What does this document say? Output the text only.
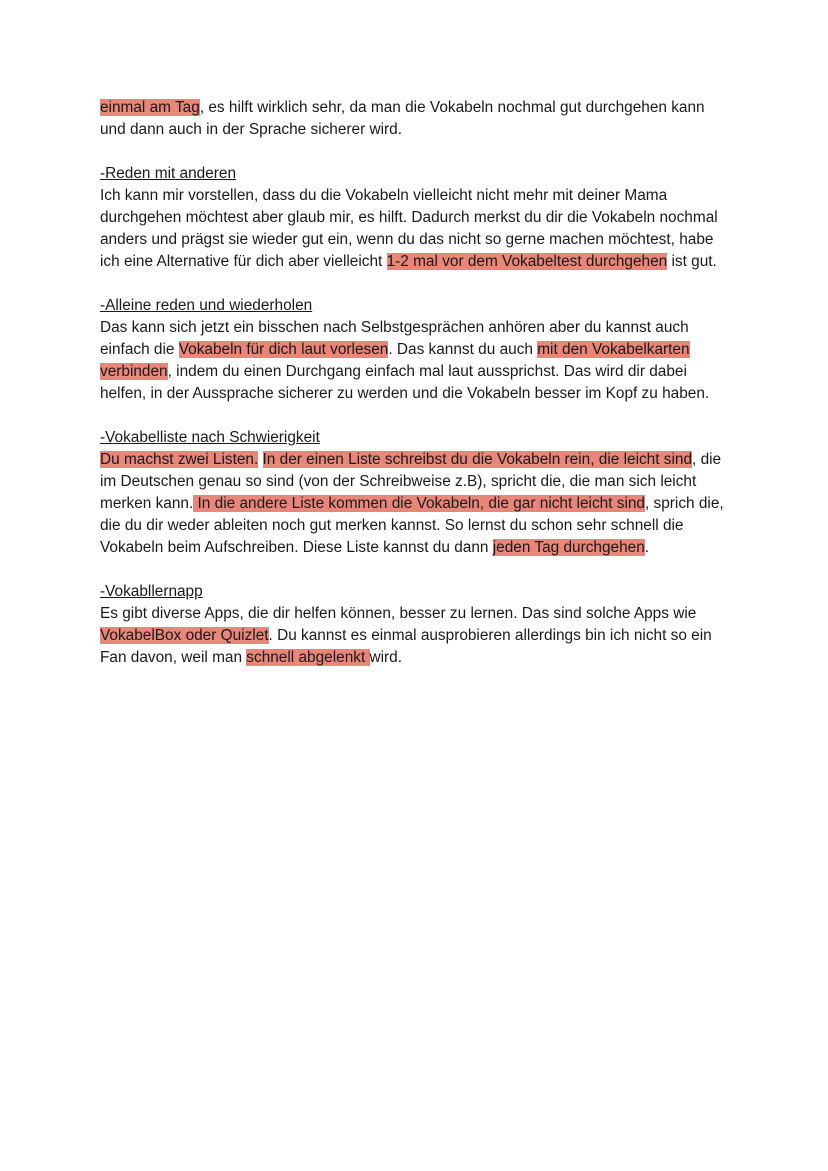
einmal am Tag, es hilft wirklich sehr, da man die Vokabeln nochmal gut durchgehen kann und dann auch in der Sprache sicherer wird.

-Reden mit anderen

Ich kann mir vorstellen, dass du die Vokabeln vielleicht nicht mehr mit deiner Mama durchgehen möchtest aber glaub mir, es hilft. Dadurch merkst du dir die Vokabeln nochmal anders und prägst sie wieder gut ein, wenn du das nicht so gerne machen möchtest, habe ich eine Alternative für dich aber vielleicht 1-2 mal vor dem Vokabeltest durchgehen ist gut.

-Alleine reden und wiederholen

Das kann sich jetzt ein bisschen nach Selbstgesprächen anhören aber du kannst auch einfach die Vokabeln für dich laut vorlesen. Das kannst du auch mit den Vokabelkarten verbinden, indem du einen Durchgang einfach mal laut aussprichst. Das wird dir dabei helfen, in der Aussprache sicherer zu werden und die Vokabeln besser im Kopf zu haben.

-Vokabelliste nach Schwierigkeit

Du machst zwei Listen. In der einen Liste schreibst du die Vokabeln rein, die leicht sind, die im Deutschen genau so sind (von der Schreibweise z.B), spricht die, die man sich leicht merken kann. In die andere Liste kommen die Vokabeln, die gar nicht leicht sind, sprich die, die du dir weder ableiten noch gut merken kannst. So lernst du schon sehr schnell die Vokabeln beim Aufschreiben. Diese Liste kannst du dann jeden Tag durchgehen.

-Vokabllernapp

Es gibt diverse Apps, die dir helfen können, besser zu lernen. Das sind solche Apps wie VokabelBox oder Quizlet. Du kannst es einmal ausprobieren allerdings bin ich nicht so ein Fan davon, weil man schnell abgelenkt wird.
